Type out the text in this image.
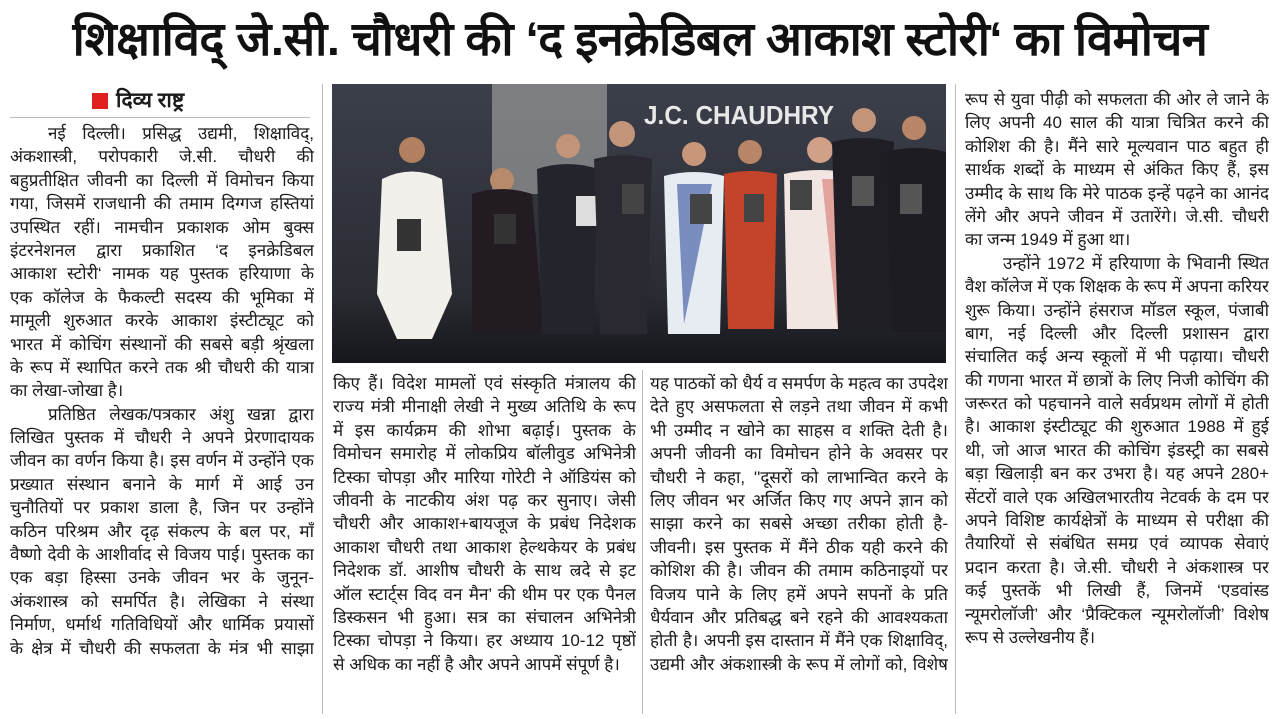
शिक्षाविद् जे.सी. चौधरी की ‘द इनक्रेडिबल आकाश स्टोरी‘ का विमोचन
दिव्य राष्ट्र
नई दिल्ली। प्रसिद्ध उद्यमी, शिक्षाविद्,
अंकशास्त्री, परोपकारी जे.सी. चौधरी की
बहुप्रतीक्षित जीवनी का दिल्ली में विमोचन किया
गया, जिसमें राजधानी की तमाम दिग्गज हस्तियां
उपस्थित रहीं। नामचीन प्रकाशक ओम बुक्स
इंटरनेशनल द्वारा प्रकाशित ‘द इनक्रेडिबल
आकाश स्टोरी‘ नामक यह पुस्तक हरियाणा के
एक कॉलेज के फैकल्टी सदस्य की भूमिका में
मामूली शुरुआत करके आकाश इंस्टीट्यूट को
भारत में कोचिंग संस्थानों की सबसे बड़ी श्रृंखला
के रूप में स्थापित करने तक श्री चौधरी की यात्रा
का लेखा-जोखा है।
प्रतिष्ठित लेखक/पत्रकार अंशु खन्ना द्वारा
लिखित पुस्तक में चौधरी ने अपने प्रेरणादायक
जीवन का वर्णन किया है। इस वर्णन में उन्होंने एक
प्रख्यात संस्थान बनाने के मार्ग में आई उन
चुनौतियों पर प्रकाश डाला है, जिन पर उन्होंने
कठिन परिश्रम और दृढ़ संकल्प के बल पर, माँ
वैष्णो देवी के आशीर्वाद से विजय पाई। पुस्तक का
एक बड़ा हिस्सा उनके जीवन भर के जुनून-
अंकशास्त्र को समर्पित है। लेखिका ने संस्था
निर्माण, धर्मार्थ गतिविधियों और धार्मिक प्रयासों
के क्षेत्र में चौधरी की सफलता के मंत्र भी साझा
किए हैं। विदेश मामलों एवं संस्कृति मंत्रालय की
राज्य मंत्री मीनाक्षी लेखी ने मुख्य अतिथि के रूप
में इस कार्यक्रम की शोभा बढ़ाई। पुस्तक के
विमोचन समारोह में लोकप्रिय बॉलीवुड अभिनेत्री
टिस्का चोपड़ा और मारिया गोरेटी ने ऑडियंस को
जीवनी के नाटकीय अंश पढ़ कर सुनाए। जेसी
चौधरी और आकाश+बायजूज के प्रबंध निदेशक
आकाश चौधरी तथा आकाश हेल्थकेयर के प्रबंध
निदेशक डॉ. आशीष चौधरी के साथ ल्रदे से इट
ऑल स्टार्ट्स विद वन मैन’ की थीम पर एक पैनल
डिस्कसन भी हुआ। सत्र का संचालन अभिनेत्री
टिस्का चोपड़ा ने किया। हर अध्याय 10-12 पृष्ठों
से अधिक का नहीं है और अपने आपमें संपूर्ण है।
यह पाठकों को धैर्य व समर्पण के महत्व का उपदेश
देते हुए असफलता से लड़ने तथा जीवन में कभी
भी उम्मीद न खोने का साहस व शक्ति देती है।
अपनी जीवनी का विमोचन होने के अवसर पर
चौधरी ने कहा, ''दूसरों को लाभान्वित करने के
लिए जीवन भर अर्जित किए गए अपने ज्ञान को
साझा करने का सबसे अच्छा तरीका होती है-
जीवनी। इस पुस्तक में मैंने ठीक यही करने की
कोशिश की है। जीवन की तमाम कठिनाइयों पर
विजय पाने के लिए हमें अपने सपनों के प्रति
धैर्यवान और प्रतिबद्ध बने रहने की आवश्यकता
होती है। अपनी इस दास्तान में मैंने एक शिक्षाविद्,
उद्यमी और अंकशास्त्री के रूप में लोगों को, विशेष
रूप से युवा पीढ़ी को सफलता की ओर ले जाने के
लिए अपनी 40 साल की यात्रा चित्रित करने की
कोशिश की है। मैंने सारे मूल्यवान पाठ बहुत ही
सार्थक शब्दों के माध्यम से अंकित किए हैं, इस
उम्मीद के साथ कि मेरे पाठक इन्हें पढ़ने का आनंद
लेंगे और अपने जीवन में उतारेंगे। जे.सी. चौधरी
का जन्म 1949 में हुआ था।
उन्होंने 1972 में हरियाणा के भिवानी स्थित
वैश कॉलेज में एक शिक्षक के रूप में अपना करियर
शुरू किया। उन्होंने हंसराज मॉडल स्कूल, पंजाबी
बाग, नई दिल्ली और दिल्ली प्रशासन द्वारा
संचालित कई अन्य स्कूलों में भी पढ़ाया। चौधरी
की गणना भारत में छात्रों के लिए निजी कोचिंग की
जरूरत को पहचानने वाले सर्वप्रथम लोगों में होती
है। आकाश इंस्टीट्यूट की शुरुआत 1988 में हुई
थी, जो आज भारत की कोचिंग इंडस्ट्री का सबसे
बड़ा खिलाड़ी बन कर उभरा है। यह अपने 280+
सेंटरों वाले एक अखिलभारतीय नेटवर्क के दम पर
अपने विशिष्ट कार्यक्षेत्रों के माध्यम से परीक्षा की
तैयारियों से संबंधित समग्र एवं व्यापक सेवाएं
प्रदान करता है। जे.सी. चौधरी ने अंकशास्त्र पर
कई पुस्तकें भी लिखी हैं, जिनमें ‘एडवांस्ड
न्यूमरोलॉजी’ और ‘प्रैक्टिकल न्यूमरोलॉजी’ विशेष
रूप से उल्लेखनीय हैं।
J.C. CHAUDHRY
